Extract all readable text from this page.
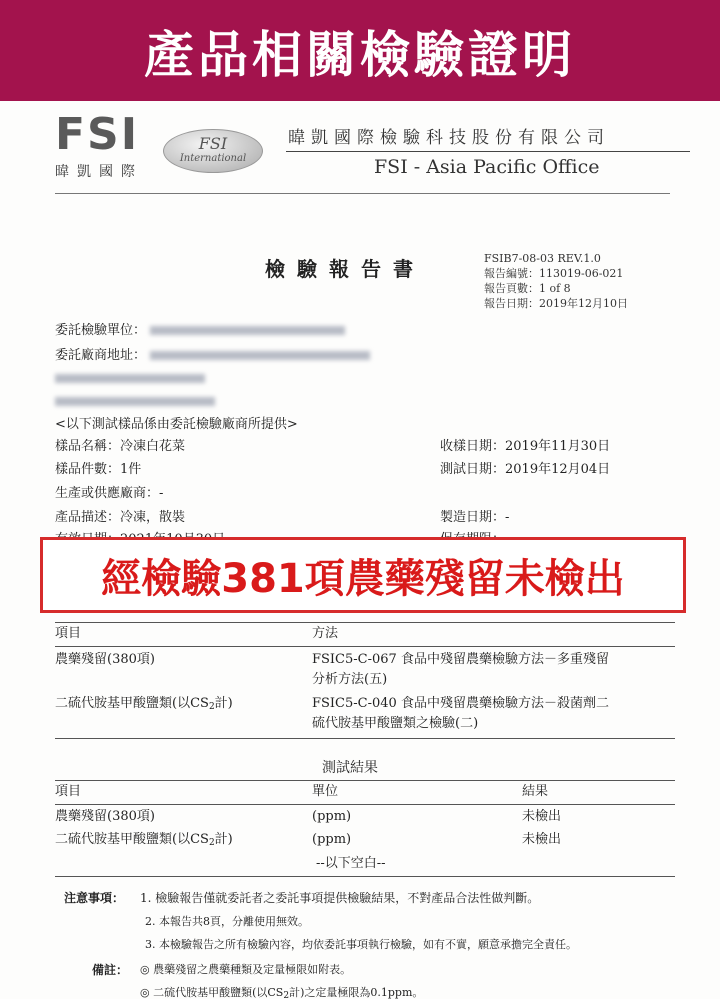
產品相關檢驗證明
FSI
暐凱國際
FSI
International
暐凱國際檢驗科技股份有限公司
FSI - Asia Pacific Office
檢驗報告書	FSIB7-08-03 REV.1.0
報告編號：113019-06-021
報告頁數：1 of 8
報告日期：2019年12月10日
委託檢驗單位：
委託廠商地址：
<以下測試樣品係由委託檢驗廠商所提供>
樣品名稱：冷凍白花菜	收樣日期：2019年11月30日
樣品件數：1件	測試日期：2019年12月04日
生產或供應廠商：-
產品描述：冷凍，散裝	製造日期：-
經檢驗381項農藥殘留未檢出
項目	方法
農藥殘留(380項)	FSIC5-C-067 食品中殘留農藥檢驗方法－多重殘留
分析方法(五)
二硫代胺基甲酸鹽類(以$CS_2$計)	FSIC5-C-040 食品中殘留農藥檢驗方法－殺菌劑二
硫代胺基甲酸鹽類之檢驗(二)
測試結果
項目	單位	結果
農藥殘留(380項)	(ppm)	未檢出
二硫代胺基甲酸鹽類(以$CS_2$計)	(ppm)	未檢出
--以下空白--
注意事項： 1. 檢驗報告僅就委託者之委託事項提供檢驗結果，不對產品合法性做判斷。
2. 本報告共8頁，分離使用無效。
3. 本檢驗報告之所有檢驗內容，均依委託事項執行檢驗，如有不實，願意承擔完全責任。
備註： ◎ 農藥殘留之農藥種類及定量極限如附表。
◎ 二硫代胺基甲酸鹽類(以$CS_2$計)之定量極限為0.1ppm。
